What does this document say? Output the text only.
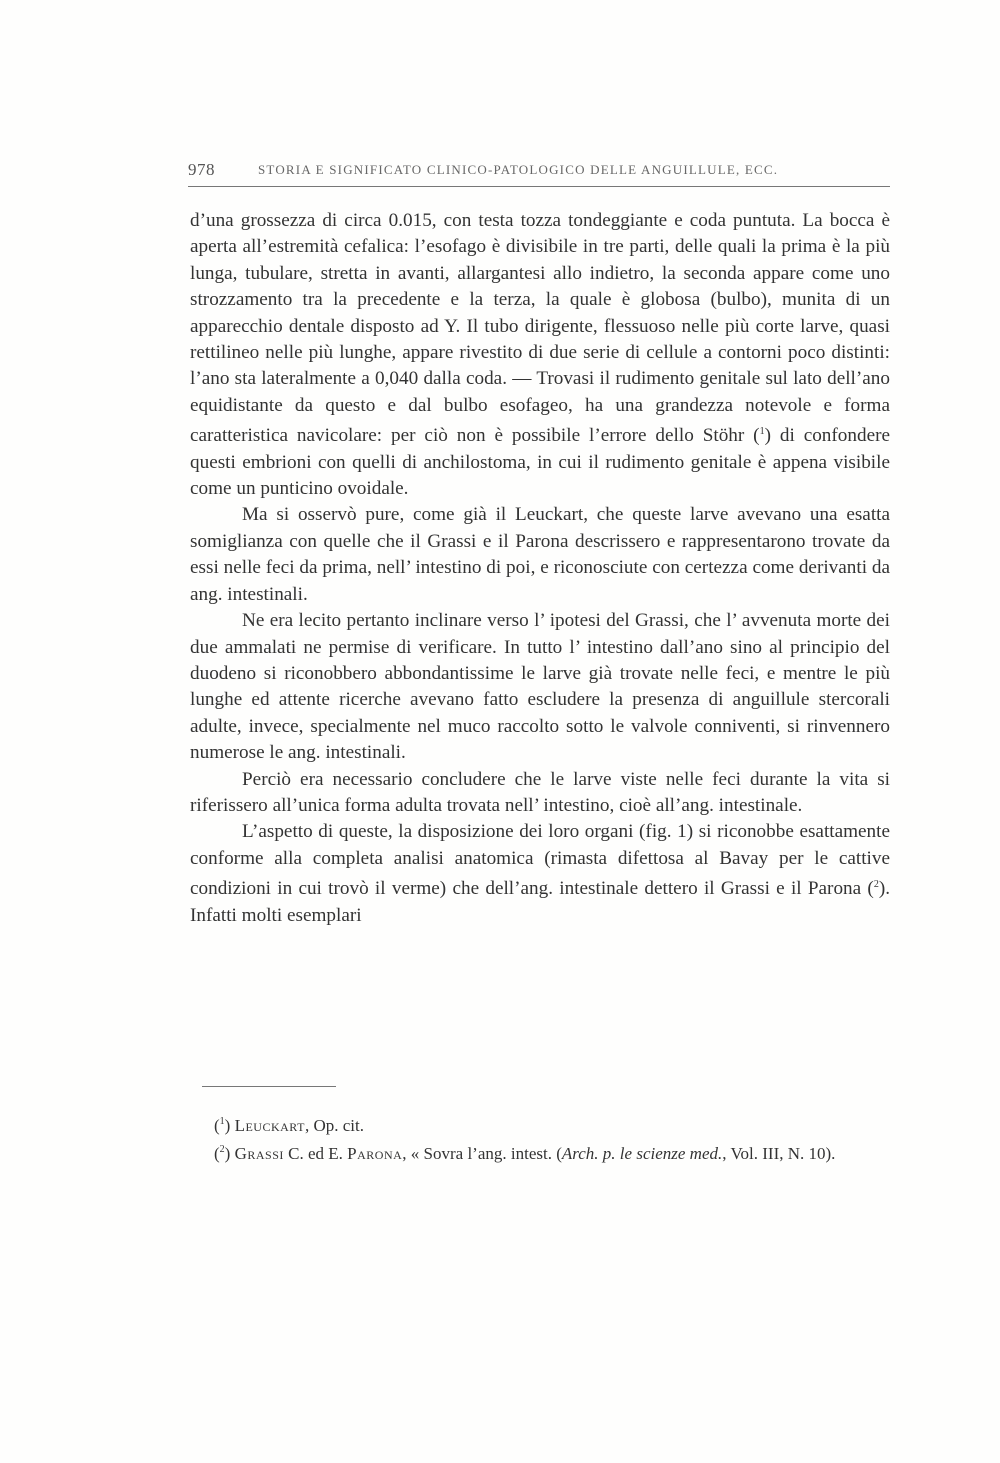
978	STORIA E SIGNIFICATO CLINICO-PATOLOGICO DELLE ANGUILLULE, ECC.

d’una grossezza di circa 0.015, con testa tozza tondeggiante e coda puntuta. La bocca è aperta all’estremità cefalica: l’esofago è divisibile in tre parti, delle quali la prima è la più lunga, tubulare, stretta in avanti, allargantesi allo indietro, la seconda appare come uno strozzamento tra la precedente e la terza, la quale è globosa (bulbo), munita di un apparecchio dentale disposto ad Y. Il tubo dirigente, flessuoso nelle più corte larve, quasi rettilineo nelle più lunghe, appare rivestito di due serie di cellule a contorni poco distinti: l’ano sta lateralmente a 0,040 dalla coda. — Trovasi il rudimento genitale sul lato dell’ano equidistante da questo e dal bulbo esofageo, ha una grandezza notevole e forma caratteristica navicolare: per ciò non è possibile l’errore dello Stöhr ($^1$) di confondere questi embrioni con quelli di anchilostoma, in cui il rudimento genitale è appena visibile come un punticino ovoidale.

Ma si osservò pure, come già il Leuckart, che queste larve avevano una esatta somiglianza con quelle che il Grassi e il Parona descrissero e rappresentarono trovate da essi nelle feci da prima, nell’ intestino di poi, e riconosciute con certezza come derivanti da ang. intestinali.

Ne era lecito pertanto inclinare verso l’ ipotesi del Grassi, che l’ avvenuta morte dei due ammalati ne permise di verificare. In tutto l’ intestino dall’ano sino al principio del duodeno si riconobbero abbondantissime le larve già trovate nelle feci, e mentre le più lunghe ed attente ricerche avevano fatto escludere la presenza di anguillule stercorali adulte, invece, specialmente nel muco raccolto sotto le valvole conniventi, si rinvennero numerose le ang. intestinali.

Perciò era necessario concludere che le larve viste nelle feci durante la vita si riferissero all’unica forma adulta trovata nell’ intestino, cioè all’ang. intestinale.

L’aspetto di queste, la disposizione dei loro organi (fig. 1) si riconobbe esattamente conforme alla completa analisi anatomica (rimasta difettosa al Bavay per le cattive condizioni in cui trovò il verme) che dell’ang. intestinale dettero il Grassi e il Parona ($^2$). Infatti molti esemplari

($^1$) Leuckart, Op. cit.

($^2$) Grassi C. ed E. Parona, « Sovra l’ang. intest. (Arch. p. le scienze med., Vol. III, N. 10).
